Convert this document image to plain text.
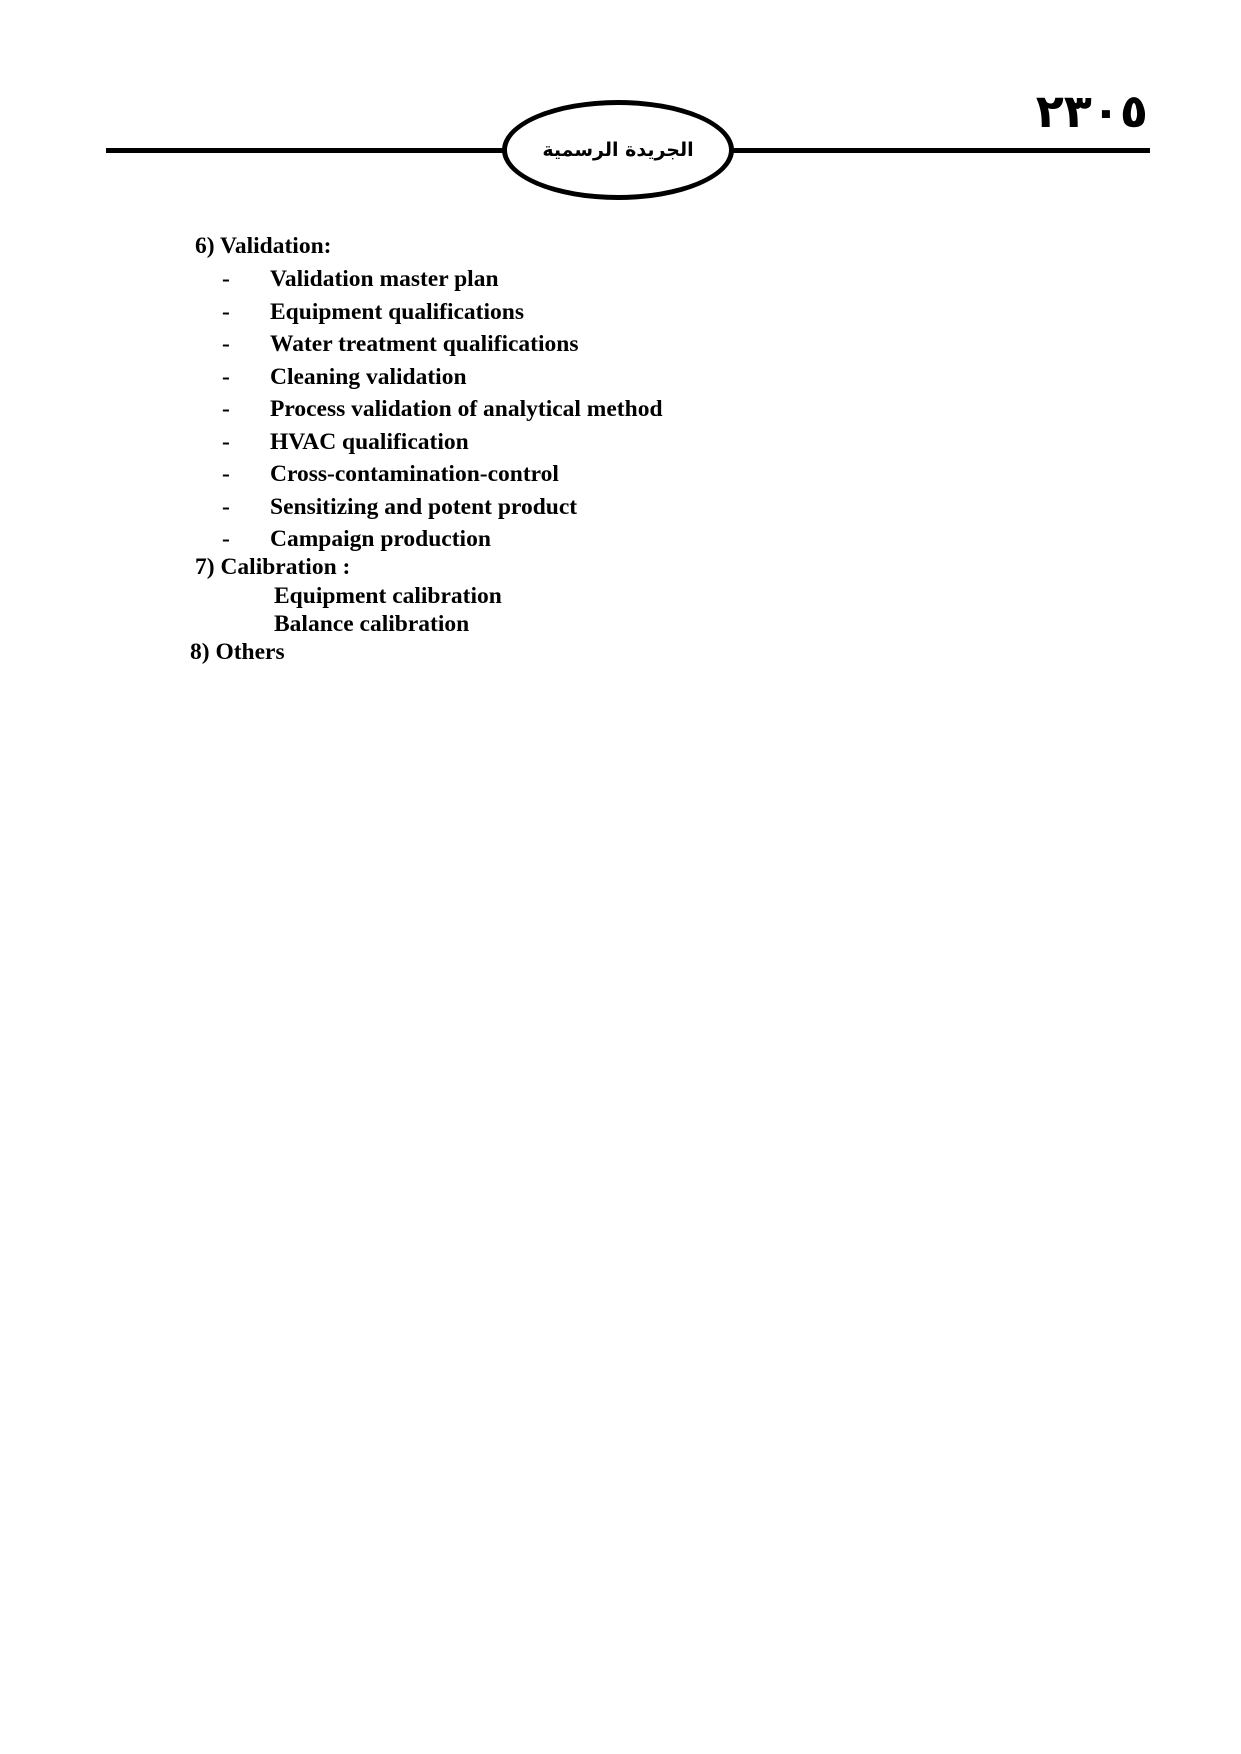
الجريدة الرسمية
٢٣٠٥
6) Validation:
- Validation master plan
- Equipment qualifications
- Water treatment qualifications
- Cleaning validation
- Process validation of analytical method
- HVAC qualification
- Cross-contamination-control
- Sensitizing and potent product
- Campaign production
7) Calibration :
Equipment calibration
Balance calibration
8) Others
